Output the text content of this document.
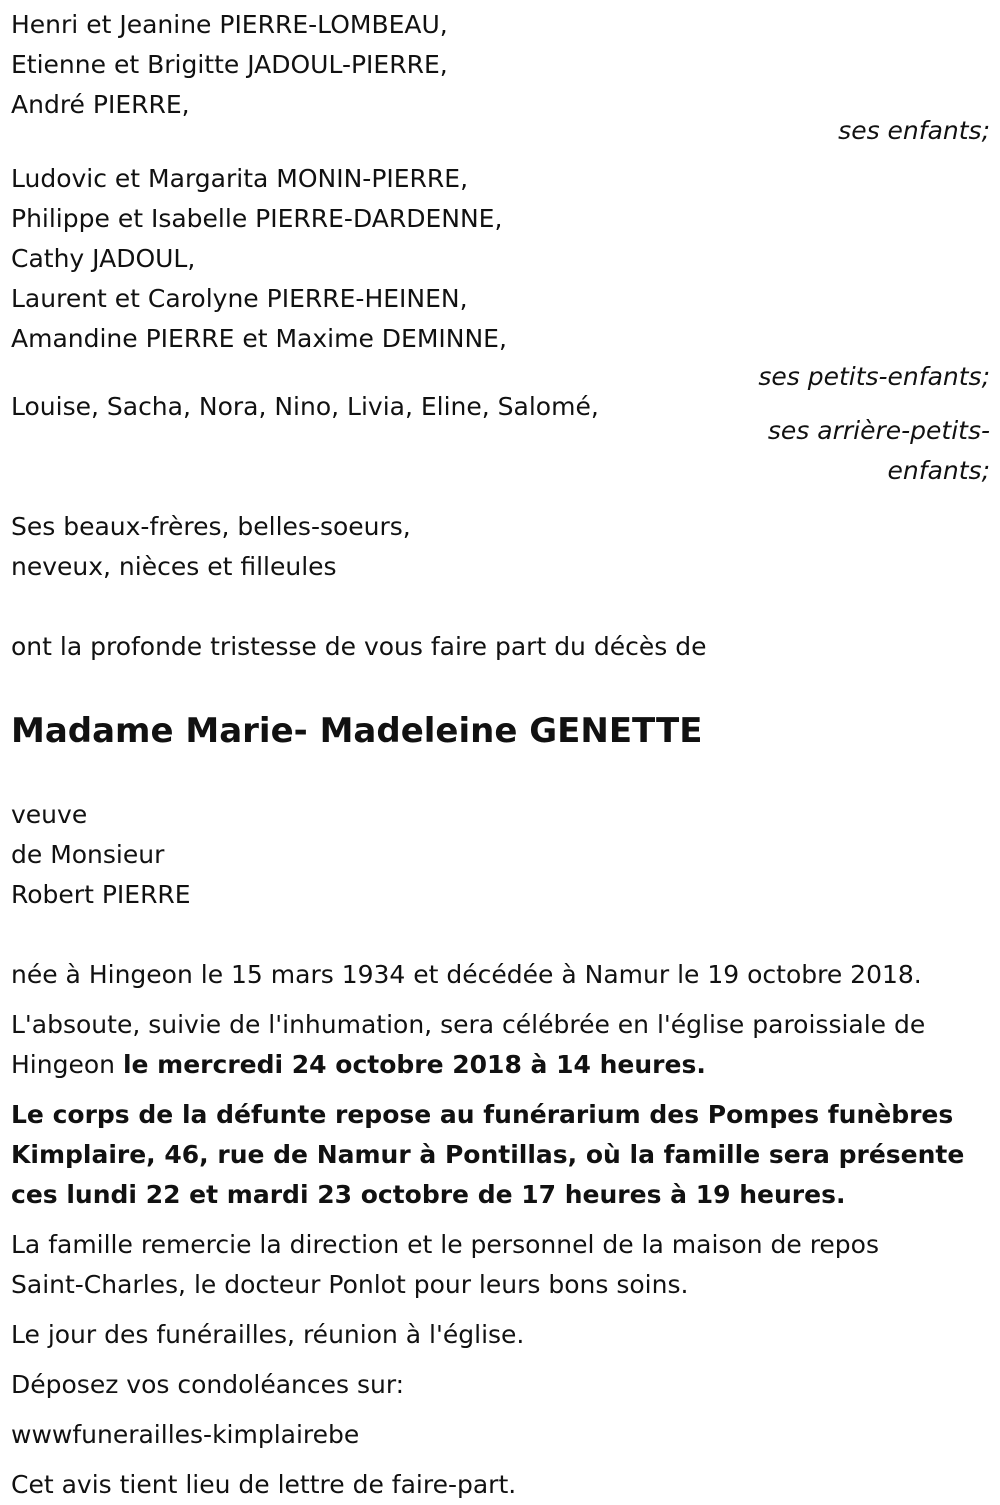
Henri et Jeanine PIERRE-LOMBEAU,
Etienne et Brigitte JADOUL-PIERRE,
André PIERRE,
ses enfants;
Ludovic et Margarita MONIN-PIERRE,
Philippe et Isabelle PIERRE-DARDENNE,
Cathy JADOUL,
Laurent et Carolyne PIERRE-HEINEN,
Amandine PIERRE et Maxime DEMINNE,
ses petits-enfants;
Louise, Sacha, Nora, Nino, Livia, Eline, Salomé,
ses arrière-petits-
enfants;
Ses beaux-frères, belles-soeurs,
neveux, nièces et filleules
ont la profonde tristesse de vous faire part du décès de
Madame Marie- Madeleine GENETTE
veuve
de Monsieur
Robert PIERRE
née à Hingeon le 15 mars 1934 et décédée à Namur le 19 octobre 2018.
L'absoute, suivie de l'inhumation, sera célébrée en l'église paroissiale de
Hingeon le mercredi 24 octobre 2018 à 14 heures.
Le corps de la défunte repose au funérarium des Pompes funèbres
Kimplaire, 46, rue de Namur à Pontillas, où la famille sera présente
ces lundi 22 et mardi 23 octobre de 17 heures à 19 heures.
La famille remercie la direction et le personnel de la maison de repos
Saint-Charles, le docteur Ponlot pour leurs bons soins.
Le jour des funérailles, réunion à l'église.
Déposez vos condoléances sur:
wwwfunerailles-kimplairebe
Cet avis tient lieu de lettre de faire-part.
